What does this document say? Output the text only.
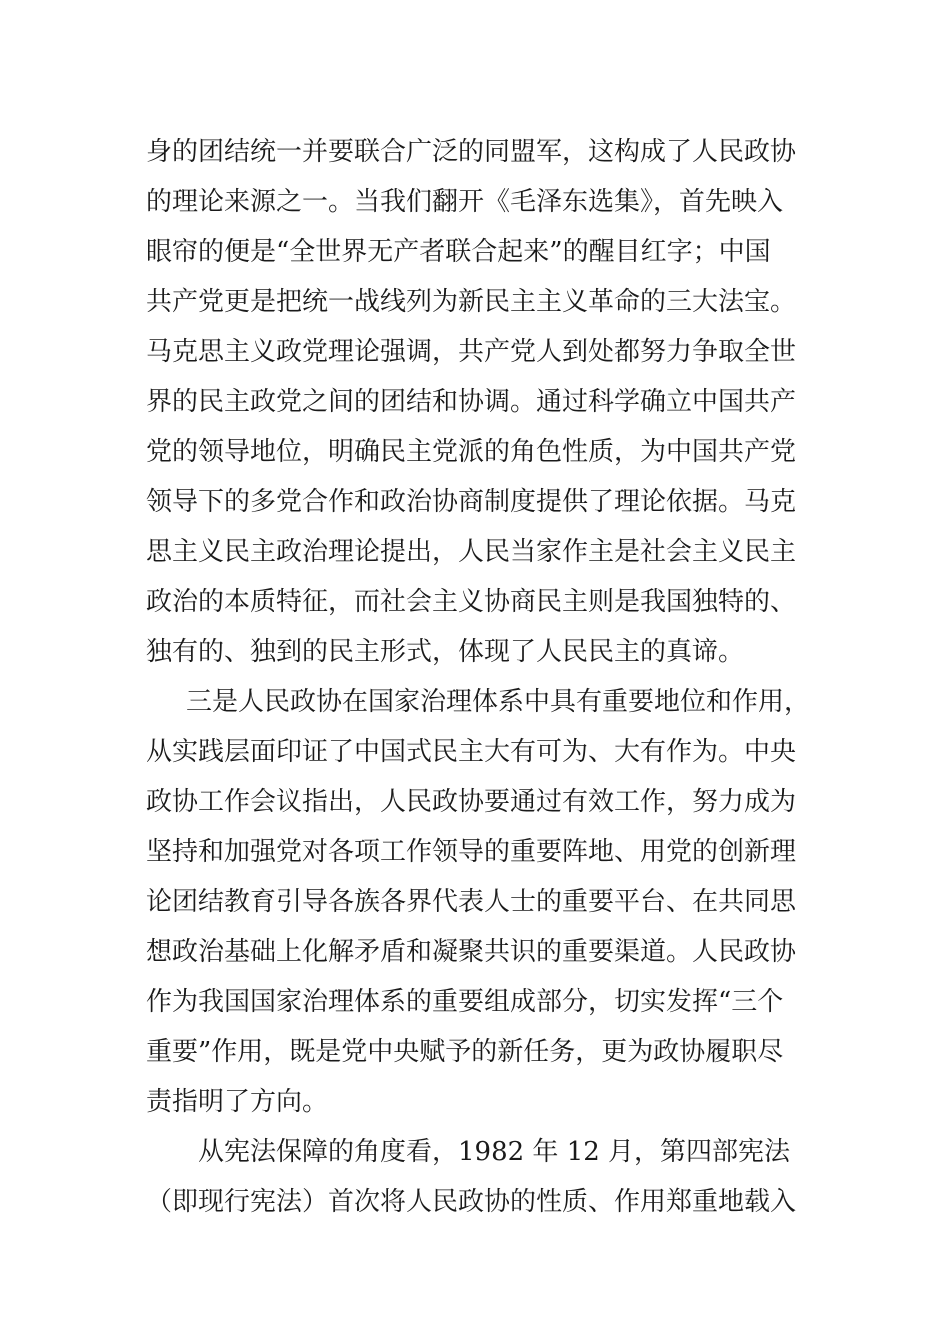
身的团结统一并要联合广泛的同盟军，这构成了人民政协
的理论来源之一。当我们翻开《毛泽东选集》，首先映入
眼帘的便是“全世界无产者联合起来”的醒目红字；中国
共产党更是把统一战线列为新民主主义革命的三大法宝。
马克思主义政党理论强调，共产党人到处都努力争取全世
界的民主政党之间的团结和协调。通过科学确立中国共产
党的领导地位，明确民主党派的角色性质，为中国共产党
领导下的多党合作和政治协商制度提供了理论依据。马克
思主义民主政治理论提出，人民当家作主是社会主义民主
政治的本质特征，而社会主义协商民主则是我国独特的、
独有的、独到的民主形式，体现了人民民主的真谛。
三是人民政协在国家治理体系中具有重要地位和作用，
从实践层面印证了中国式民主大有可为、大有作为。中央
政协工作会议指出，人民政协要通过有效工作，努力成为
坚持和加强党对各项工作领导的重要阵地、用党的创新理
论团结教育引导各族各界代表人士的重要平台、在共同思
想政治基础上化解矛盾和凝聚共识的重要渠道。人民政协
作为我国国家治理体系的重要组成部分，切实发挥“三个
重要”作用，既是党中央赋予的新任务，更为政协履职尽
责指明了方向。
从宪法保障的角度看，1982 年 12 月，第四部宪法
（即现行宪法）首次将人民政协的性质、作用郑重地载入
